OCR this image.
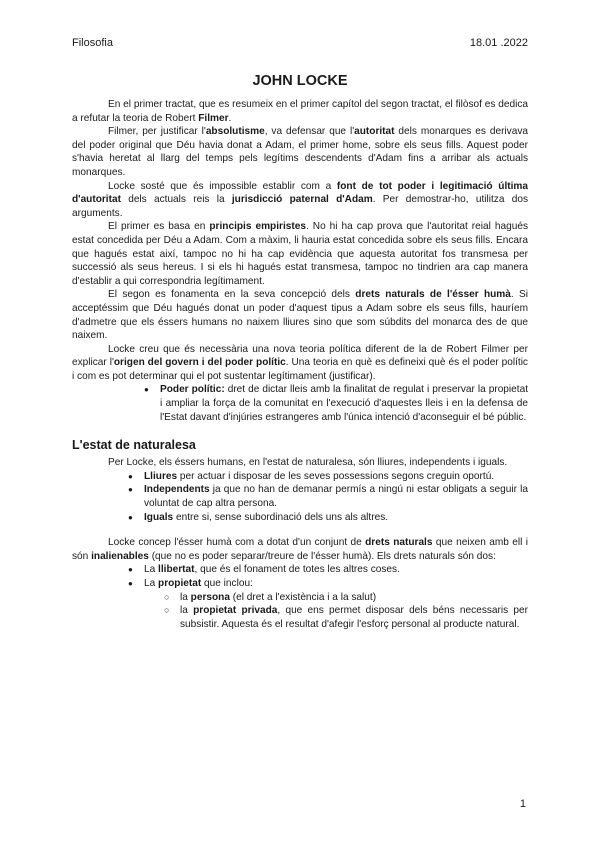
Filosofia	18.01 .2022
JOHN LOCKE

En el primer tractat, que es resumeix en el primer capítol del segon tractat, el filòsof es dedica a refutar la teoria de Robert Filmer.

Filmer, per justificar l'absolutisme, va defensar que l'autoritat dels monarques es derivava del poder original que Déu havia donat a Adam, el primer home, sobre els seus fills. Aquest poder s'havia heretat al llarg del temps pels legítims descendents d'Adam fins a arribar als actuals monarques.

Locke sosté que és impossible establir com a font de tot poder i legitimació última d'autoritat dels actuals reis la jurisdicció paternal d'Adam. Per demostrar-ho, utilitza dos arguments.

El primer es basa en principis empiristes. No hi ha cap prova que l'autoritat reial hagués estat concedida per Déu a Adam. Com a màxim, li hauria estat concedida sobre els seus fills. Encara que hagués estat així, tampoc no hi ha cap evidència que aquesta autoritat fos transmesa per successió als seus hereus. I si els hi hagués estat transmesa, tampoc no tindrien ara cap manera d'establir a qui correspondria legítimament.

El segon es fonamenta en la seva concepció dels drets naturals de l'ésser humà. Si acceptéssim que Déu hagués donat un poder d'aquest tipus a Adam sobre els seus fills, hauríem d'admetre que els éssers humans no naixem lliures sino que som súbdits del monarca des de que naixem.

Locke creu que és necessària una nova teoria política diferent de la de Robert Filmer per explicar l'origen del govern i del poder polític. Una teoria en què es defineixi què és el poder polític i com es pot determinar qui el pot sustentar legítimament (justificar).

● Poder polític: dret de dictar lleis amb la finalitat de regulat i preservar la propietat i ampliar la força de la comunitat en l'execució d'aquestes lleis i en la defensa de l'Estat davant d'injúries estrangeres amb l'única intenció d'aconseguir el bé públic.
L'estat de naturalesa

Per Locke, els éssers humans, en l'estat de naturalesa, són lliures, independents i iguals.

● Lliures per actuar i disposar de les seves possessions segons creguin oportú.
● Independents ja que no han de demanar permís a ningú ni estar obligats a seguir la voluntat de cap altra persona.
● Iguals entre si, sense subordinació dels uns als altres.

Locke concep l'ésser humà com a dotat d'un conjunt de drets naturals que neixen amb ell i són inalienables (que no es poder separar/treure de l'ésser humà). Els drets naturals són dos:

● La llibertat, que és el fonament de totes les altres coses.
● La propietat que inclou:
○ la persona (el dret a l'existència i a la salut)
○ la propietat privada, que ens permet disposar dels béns necessaris per subsistir. Aquesta és el resultat d'afegir l'esforç personal al producte natural.
1
